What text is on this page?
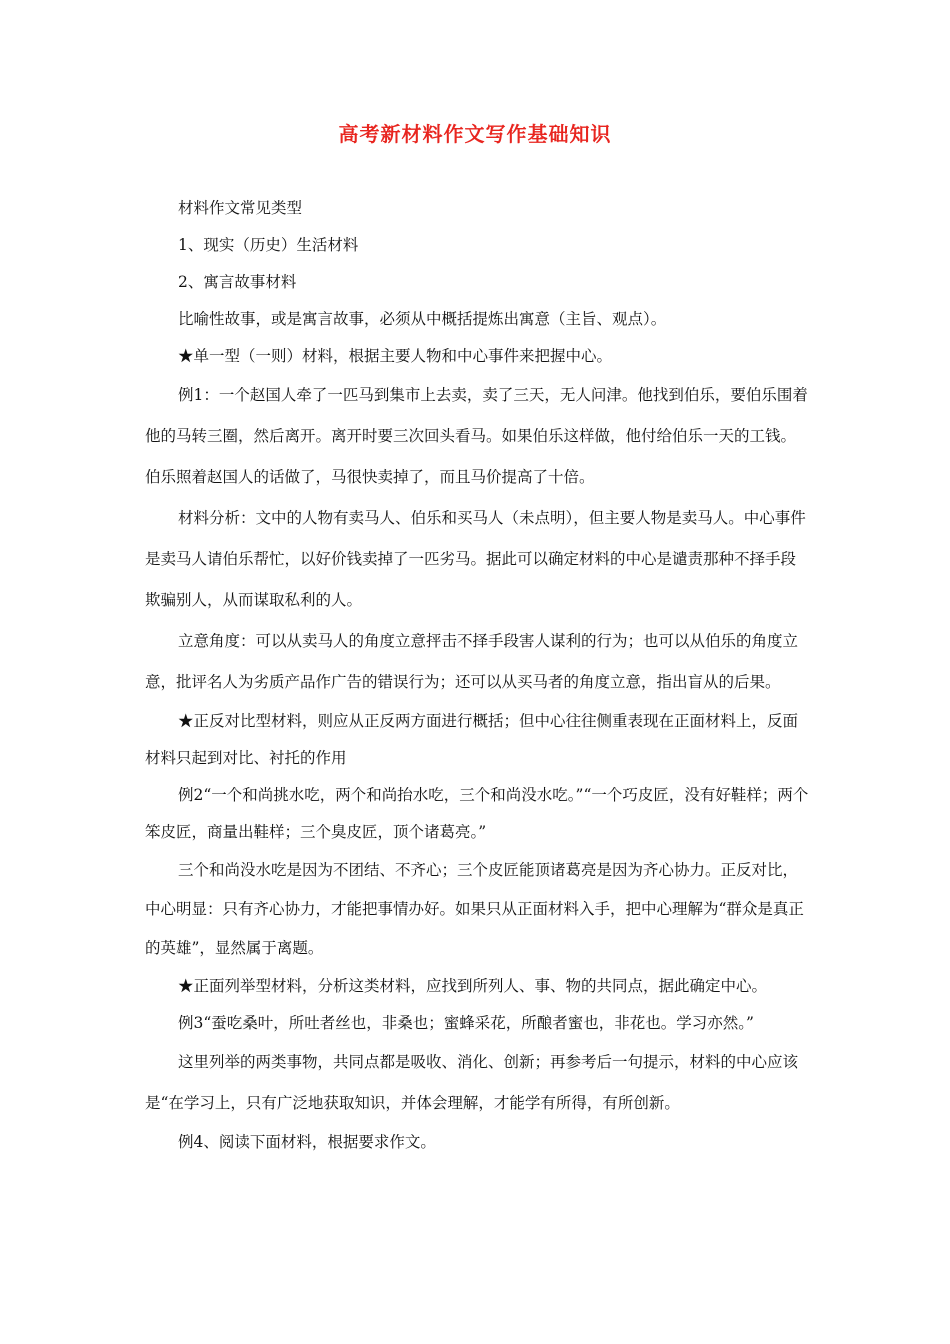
高考新材料作文写作基础知识

材料作文常见类型

1、现实（历史）生活材料

2、寓言故事材料

比喻性故事，或是寓言故事，必须从中概括提炼出寓意（主旨、观点）。

★单一型（一则）材料，根据主要人物和中心事件来把握中心。

例1：一个赵国人牵了一匹马到集市上去卖，卖了三天，无人问津。他找到伯乐，要伯乐围着他的马转三圈，然后离开。离开时要三次回头看马。如果伯乐这样做，他付给伯乐一天的工钱。伯乐照着赵国人的话做了，马很快卖掉了，而且马价提高了十倍。

材料分析：文中的人物有卖马人、伯乐和买马人（未点明），但主要人物是卖马人。中心事件是卖马人请伯乐帮忙，以好价钱卖掉了一匹劣马。据此可以确定材料的中心是谴责那种不择手段欺骗别人，从而谋取私利的人。

立意角度：可以从卖马人的角度立意抨击不择手段害人谋利的行为；也可以从伯乐的角度立意，批评名人为劣质产品作广告的错误行为；还可以从买马者的角度立意，指出盲从的后果。

★正反对比型材料，则应从正反两方面进行概括；但中心往往侧重表现在正面材料上，反面材料只起到对比、衬托的作用

例2“一个和尚挑水吃，两个和尚抬水吃，三个和尚没水吃。”“一个巧皮匠，没有好鞋样；两个笨皮匠，商量出鞋样；三个臭皮匠，顶个诸葛亮。”

三个和尚没水吃是因为不团结、不齐心；三个皮匠能顶诸葛亮是因为齐心协力。正反对比，中心明显：只有齐心协力，才能把事情办好。如果只从正面材料入手，把中心理解为“群众是真正的英雄”，显然属于离题。

★正面列举型材料，分析这类材料，应找到所列人、事、物的共同点，据此确定中心。

例3“蚕吃桑叶，所吐者丝也，非桑也；蜜蜂采花，所酿者蜜也，非花也。学习亦然。”

这里列举的两类事物，共同点都是吸收、消化、创新；再参考后一句提示，材料的中心应该是“在学习上，只有广泛地获取知识，并体会理解，才能学有所得，有所创新。

例4、阅读下面材料，根据要求作文。
